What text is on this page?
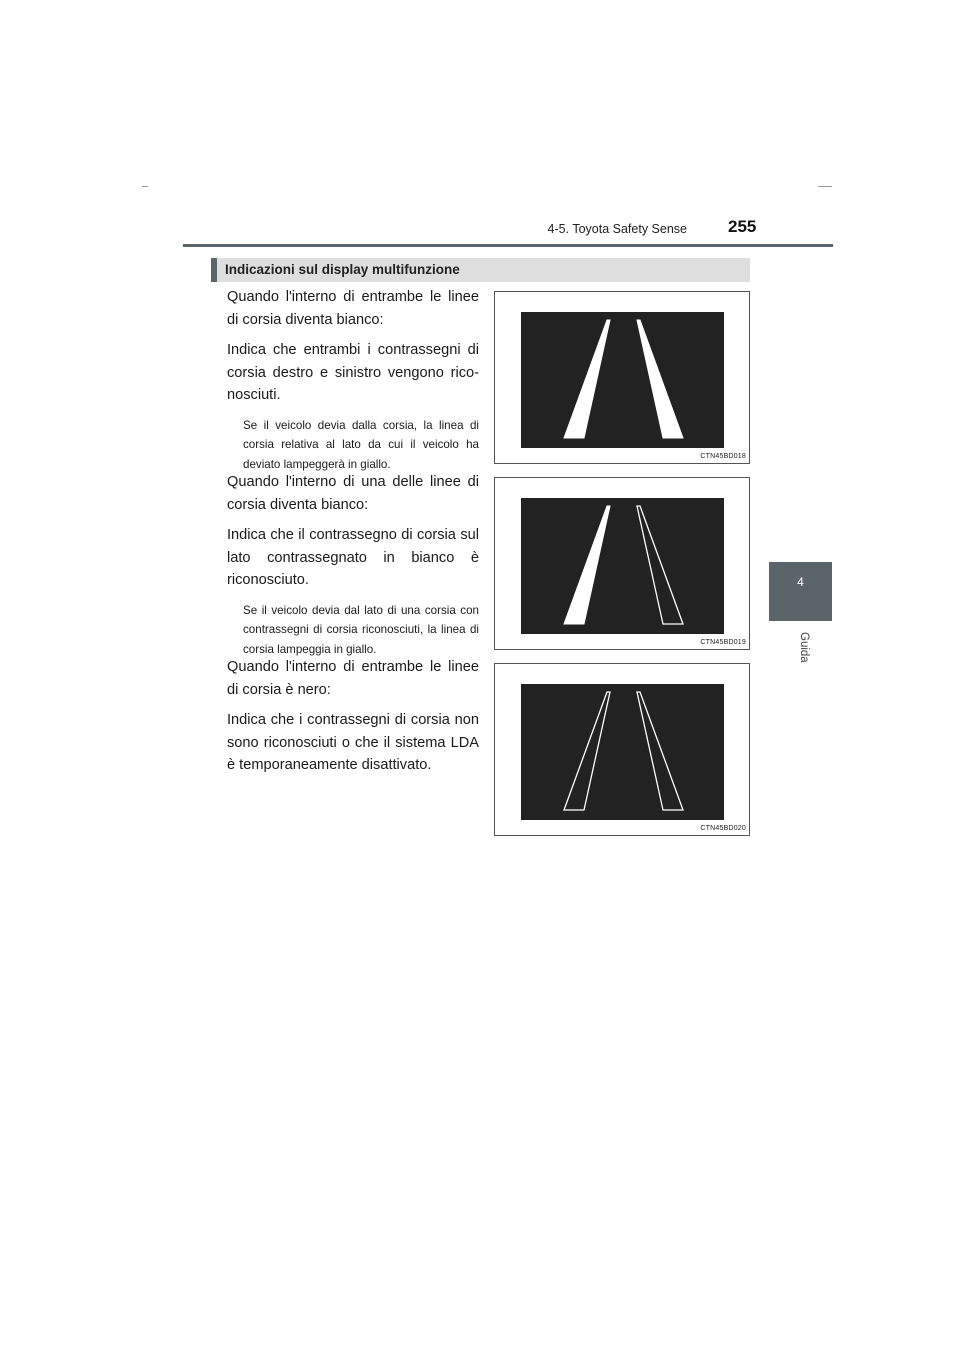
4-5. Toyota Safety Sense 255
4
Guida
Indicazioni sul display multifunzione

Quando l'interno di entrambe le linee di corsia diventa bianco:

Indica che entrambi i contrassegni di corsia destro e sinistro vengono rico-nosciuti.

Se il veicolo devia dalla corsia, la linea di corsia relativa al lato da cui il veicolo ha deviato lampeggerà in giallo.

Quando l'interno di una delle linee di corsia diventa bianco:

Indica che il contrassegno di corsia sul lato contrassegnato in bianco è riconosciuto.

Se il veicolo devia dal lato di una corsia con contrassegni di corsia riconosciuti, la linea di corsia lampeggia in giallo.

Quando l'interno di entrambe le linee di corsia è nero:

Indica che i contrassegni di corsia non sono riconosciuti o che il sistema LDA è temporaneamente disattivato.

CTN45BD018
CTN45BD019
CTN45BD020
